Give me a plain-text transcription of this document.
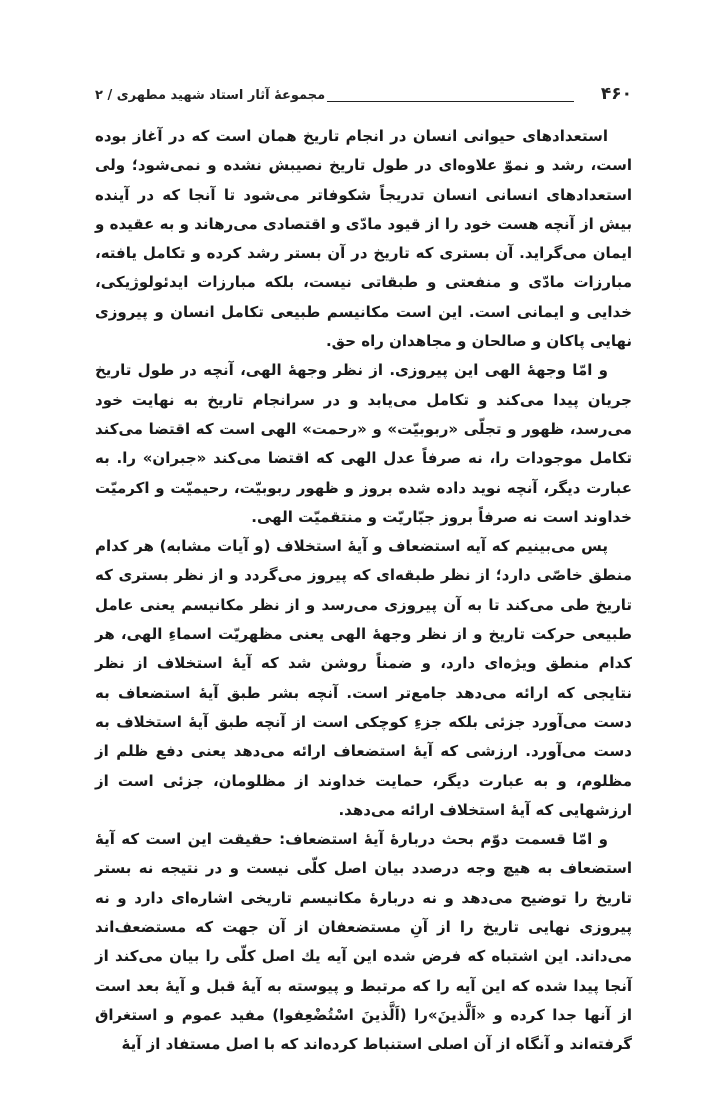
۴۶۰
مجموعهٔ آثار استاد شهید مطهری / ۲

استعدادهای حیوانی انسان در انجام تاریخ همان است که در آغاز بوده است، رشد و نموّ علاوه‌ای در طول تاریخ نصیبش نشده و نمی‌شود؛ ولی استعدادهای انسانی انسان تدریجاً شکوفاتر می‌شود تا آنجا که در آینده بیش از آنچه هست خود را از قیود مادّی و اقتصادی می‌رهاند و به عقیده و ایمان می‌گراید. آن بستری که تاریخ در آن بستر رشد کرده و تکامل یافته، مبارزات مادّی و منفعتی و طبقاتی نیست، بلکه مبارزات ایدئولوژیکی، خدایی و ایمانی است. این است مکانیسم طبیعی تکامل انسان و پیروزی نهایی پاکان و صالحان و مجاهدان راه حق.

و امّا وجههٔ الهی این پیروزی. از نظر وجههٔ الهی، آنچه در طول تاریخ جریان پیدا می‌کند و تکامل می‌یابد و در سرانجام تاریخ به نهایت خود می‌رسد، ظهور و تجلّی «ربوبیّت» و «رحمت» الهی است که اقتضا می‌کند تکامل موجودات را، نه صرفاً عدل الهی که اقتضا می‌کند «جبران» را. به عبارت دیگر، آنچه نوید داده شده بروز و ظهور ربوبیّت، رحیمیّت و اکرمیّت خداوند است نه صرفاً بروز جبّاریّت و منتقمیّت الهی.

پس می‌بینیم که آیه استضعاف و آیهٔ استخلاف (و آیات مشابه) هر کدام منطق خاصّی دارد؛ از نظر طبقه‌ای که پیروز می‌گردد و از نظر بستری که تاریخ طی می‌کند تا به آن پیروزی می‌رسد و از نظر مکانیسم یعنی عامل طبیعی حرکت تاریخ و از نظر وجههٔ الهی یعنی مظهریّت اسماءِ الهی، هر کدام منطق ویژه‌ای دارد، و ضمناً روشن شد که آیهٔ استخلاف از نظر نتایجی که ارائه می‌دهد جامع‌تر است. آنچه بشر طبق آیهٔ استضعاف به دست می‌آورد جزئی بلکه جزءِ کوچکی است از آنچه طبق آیهٔ استخلاف به دست می‌آورد. ارزشی که آیهٔ استضعاف ارائه می‌دهد یعنی دفع ظلم از مظلوم، و به عبارت دیگر، حمایت خداوند از مظلومان، جزئی است از ارزشهایی که آیهٔ استخلاف ارائه می‌دهد.

و امّا قسمت دوّم بحث دربارهٔ آیهٔ استضعاف: حقیقت این است که آیهٔ استضعاف به هیچ وجه درصدد بیان اصل کلّی نیست و در نتیجه نه بستر تاریخ را توضیح می‌دهد و نه دربارهٔ مکانیسم تاریخی اشاره‌ای دارد و نه پیروزی نهایی تاریخ را از آنِ مستضعفان از آن جهت که مستضعف‌اند می‌داند. این اشتباه که فرض شده این آیه یك اصل کلّی را بیان می‌کند از آنجا پیدا شده که این آیه را که مرتبط و پیوسته به آیهٔ قبل و آیهٔ بعد است از آنها جدا کرده و «اَلَّذینَ»را (اَلَّذینَ اسْتُضْعِفوا) مفید عموم و استغراق گرفته‌اند و آنگاه از آن اصلی استنباط کرده‌اند که با اصل مستفاد از آیهٔ
